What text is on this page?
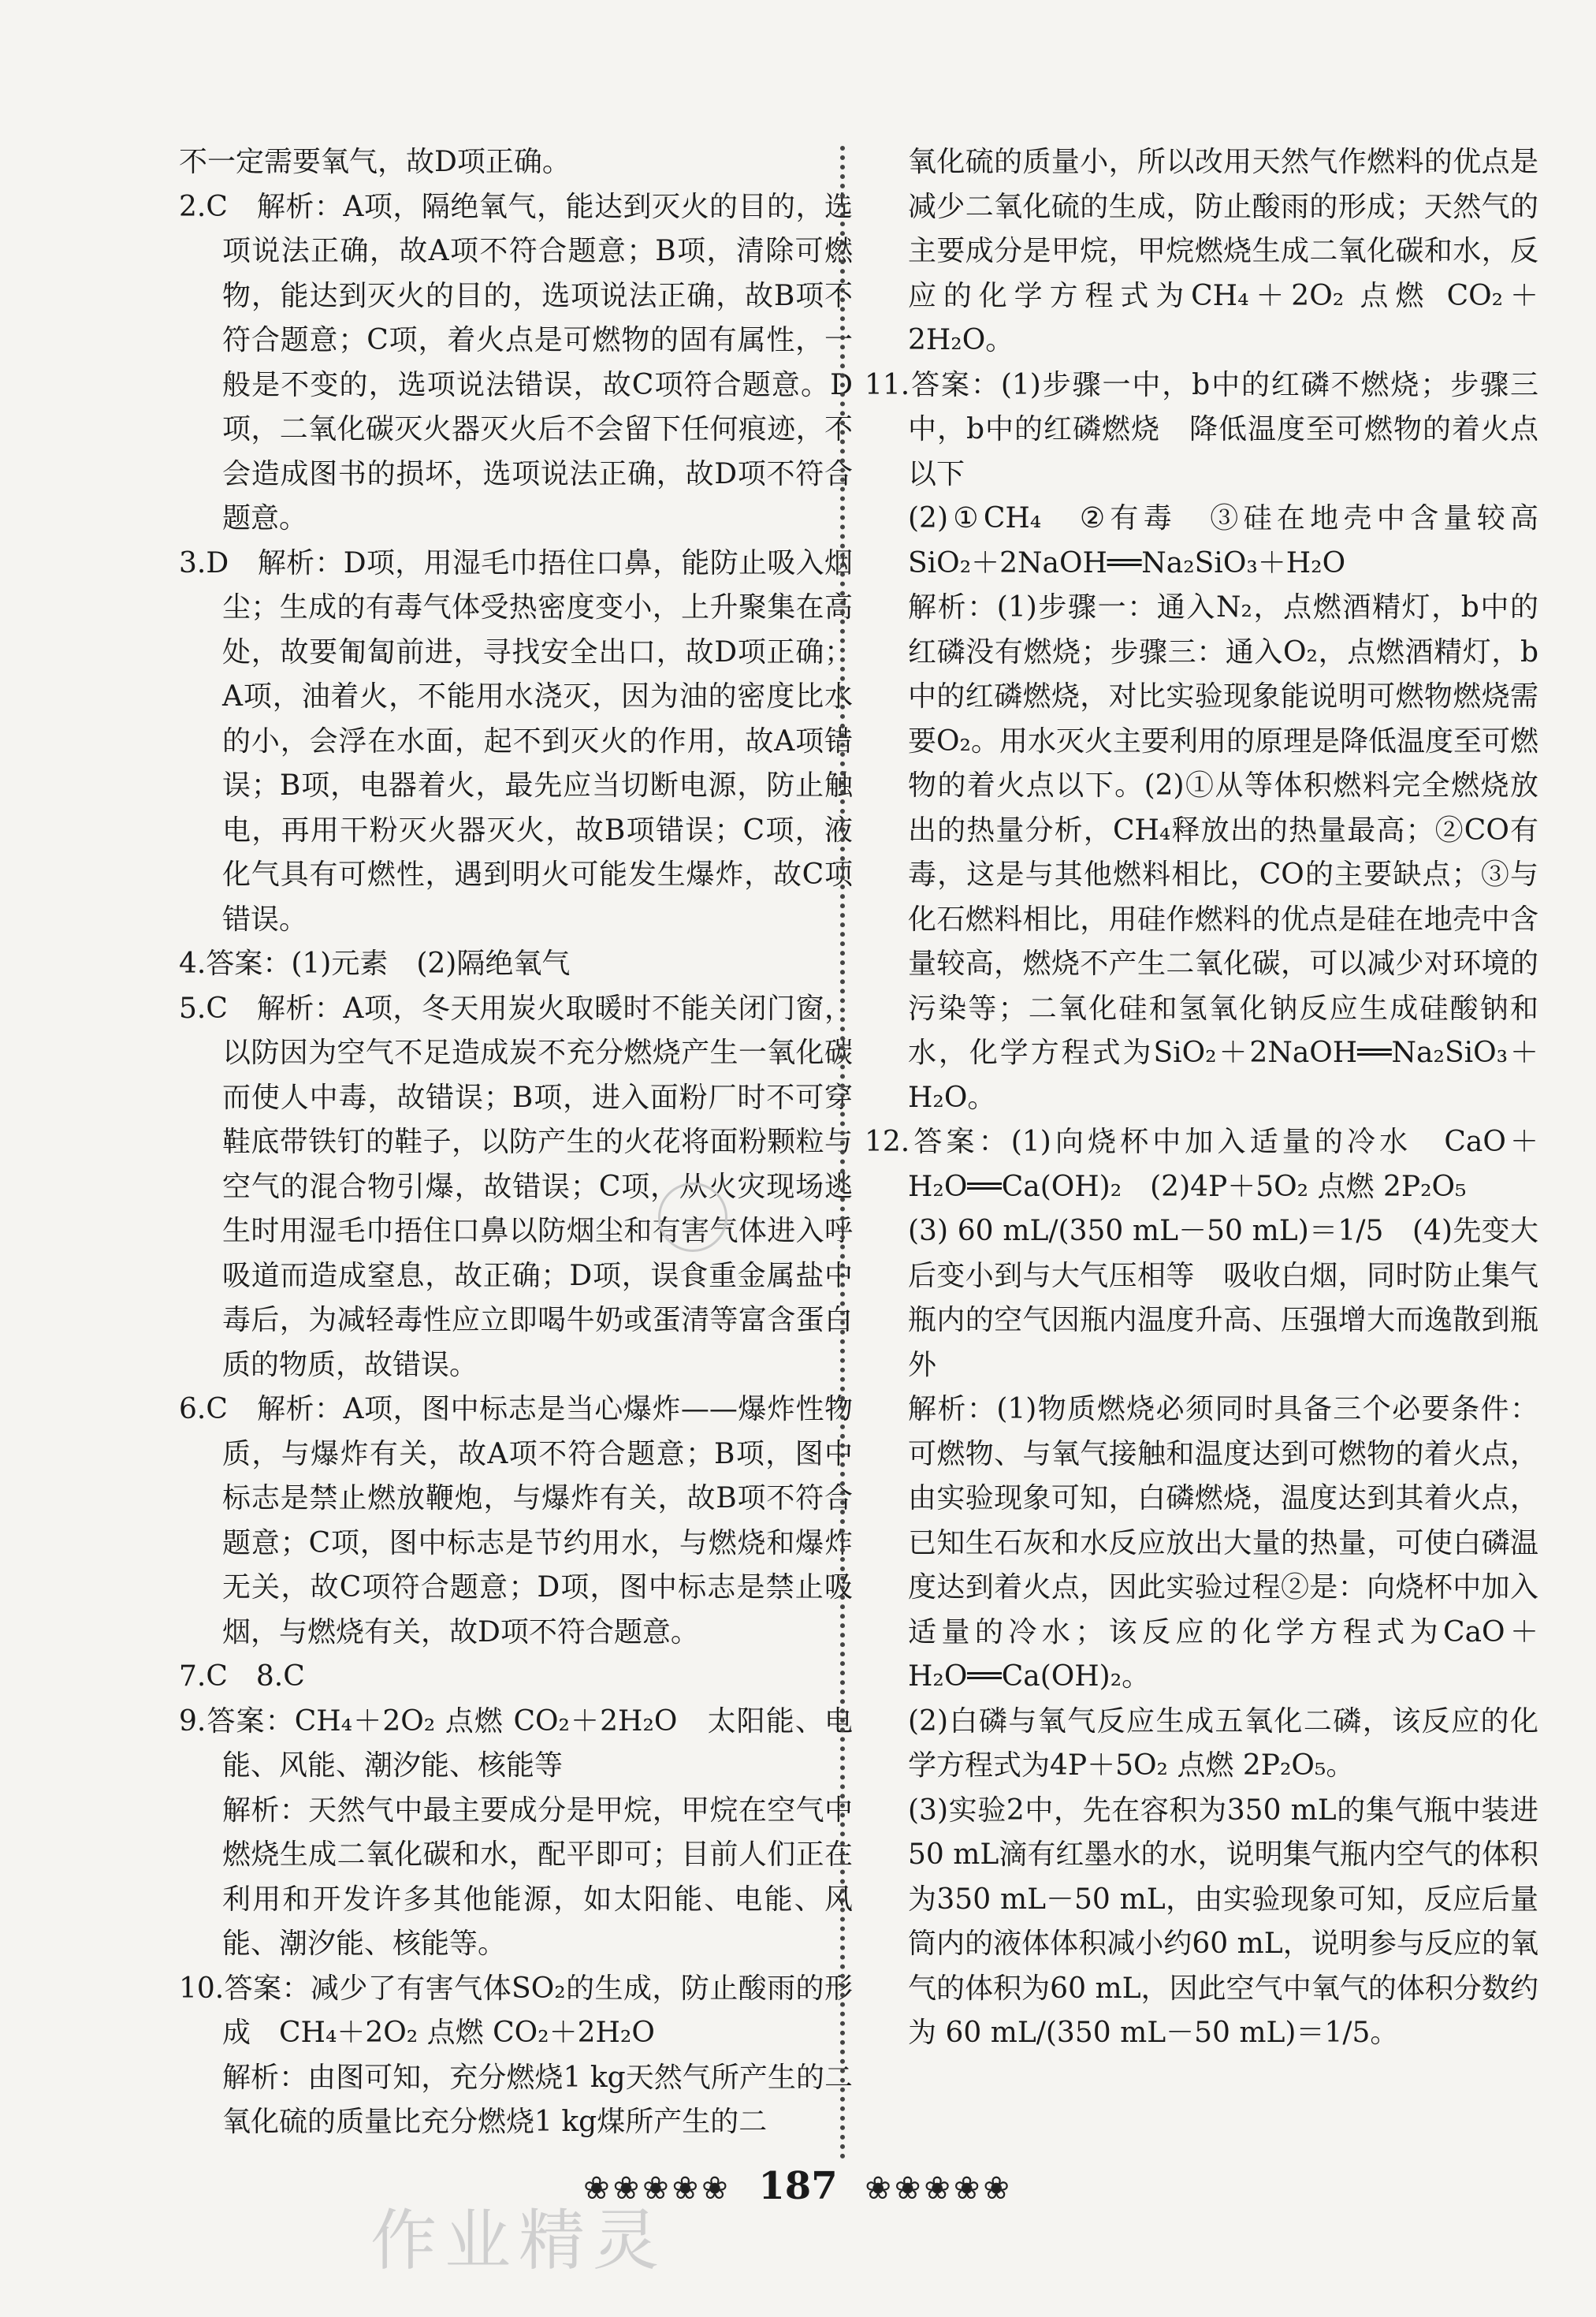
不一定需要氧气，故D项正确。

2.C　解析：A项，隔绝氧气，能达到灭火的目的，选项说法正确，故A项不符合题意；B项，清除可燃物，能达到灭火的目的，选项说法正确，故B项不符合题意；C项，着火点是可燃物的固有属性，一般是不变的，选项说法错误，故C项符合题意。D项，二氧化碳灭火器灭火后不会留下任何痕迹，不会造成图书的损坏，选项说法正确，故D项不符合题意。

3.D　解析：D项，用湿毛巾捂住口鼻，能防止吸入烟尘；生成的有毒气体受热密度变小，上升聚集在高处，故要匍匐前进，寻找安全出口，故D项正确；A项，油着火，不能用水浇灭，因为油的密度比水的小，会浮在水面，起不到灭火的作用，故A项错误；B项，电器着火，最先应当切断电源，防止触电，再用干粉灭火器灭火，故B项错误；C项，液化气具有可燃性，遇到明火可能发生爆炸，故C项错误。

4.答案：(1)元素　(2)隔绝氧气

5.C　解析：A项，冬天用炭火取暖时不能关闭门窗，以防因为空气不足造成炭不充分燃烧产生一氧化碳而使人中毒，故错误；B项，进入面粉厂时不可穿鞋底带铁钉的鞋子，以防产生的火花将面粉颗粒与空气的混合物引爆，故错误；C项，从火灾现场逃生时用湿毛巾捂住口鼻以防烟尘和有害气体进入呼吸道而造成窒息，故正确；D项，误食重金属盐中毒后，为减轻毒性应立即喝牛奶或蛋清等富含蛋白质的物质，故错误。

6.C　解析：A项，图中标志是当心爆炸——爆炸性物质，与爆炸有关，故A项不符合题意；B项，图中标志是禁止燃放鞭炮，与爆炸有关，故B项不符合题意；C项，图中标志是节约用水，与燃烧和爆炸无关，故C项符合题意；D项，图中标志是禁止吸烟，与燃烧有关，故D项不符合题意。

7.C　8.C

9.答案：CH₄＋2O₂ 点燃 CO₂＋2H₂O　太阳能、电能、风能、潮汐能、核能等

解析：天然气中最主要成分是甲烷，甲烷在空气中燃烧生成二氧化碳和水，配平即可；目前人们正在利用和开发许多其他能源，如太阳能、电能、风能、潮汐能、核能等。

10.答案：减少了有害气体SO₂的生成，防止酸雨的形成　CH₄＋2O₂ 点燃 CO₂＋2H₂O

解析：由图可知，充分燃烧1 kg天然气所产生的二氧化硫的质量比充分燃烧1 kg煤所产生的二

氧化硫的质量小，所以改用天然气作燃料的优点是减少二氧化硫的生成，防止酸雨的形成；天然气的主要成分是甲烷，甲烷燃烧生成二氧化碳和水，反应的化学方程式为CH₄＋2O₂ 点燃 CO₂＋2H₂O。

11.答案：(1)步骤一中，b中的红磷不燃烧；步骤三中，b中的红磷燃烧　降低温度至可燃物的着火点以下

(2)①CH₄　②有毒　③硅在地壳中含量较高　SiO₂＋2NaOH══Na₂SiO₃＋H₂O

解析：(1)步骤一：通入N₂，点燃酒精灯，b中的红磷没有燃烧；步骤三：通入O₂，点燃酒精灯，b中的红磷燃烧，对比实验现象能说明可燃物燃烧需要O₂。用水灭火主要利用的原理是降低温度至可燃物的着火点以下。(2)①从等体积燃料完全燃烧放出的热量分析，CH₄释放出的热量最高；②CO有毒，这是与其他燃料相比，CO的主要缺点；③与化石燃料相比，用硅作燃料的优点是硅在地壳中含量较高，燃烧不产生二氧化碳，可以减少对环境的污染等；二氧化硅和氢氧化钠反应生成硅酸钠和水，化学方程式为SiO₂＋2NaOH══Na₂SiO₃＋H₂O。

12.答案：(1)向烧杯中加入适量的冷水　CaO＋H₂O══Ca(OH)₂　(2)4P＋5O₂ 点燃 2P₂O₅

(3) 60 mL/(350 mL－50 mL)＝1/5　(4)先变大后变小到与大气压相等　吸收白烟，同时防止集气瓶内的空气因瓶内温度升高、压强增大而逸散到瓶外

解析：(1)物质燃烧必须同时具备三个必要条件：可燃物、与氧气接触和温度达到可燃物的着火点，由实验现象可知，白磷燃烧，温度达到其着火点，已知生石灰和水反应放出大量的热量，可使白磷温度达到着火点，因此实验过程②是：向烧杯中加入适量的冷水；该反应的化学方程式为CaO＋H₂O══Ca(OH)₂。

(2)白磷与氧气反应生成五氧化二磷，该反应的化学方程式为4P＋5O₂ 点燃 2P₂O₅。

(3)实验2中，先在容积为350 mL的集气瓶中装进50 mL滴有红墨水的水，说明集气瓶内空气的体积为350 mL－50 mL，由实验现象可知，反应后量筒内的液体体积减小约60 mL，说明参与反应的氧气的体积为60 mL，因此空气中氧气的体积分数约为 60 mL/(350 mL－50 mL)＝1/5。

❀❀❀❀❀ 187 ❀❀❀❀❀
作业精灵
